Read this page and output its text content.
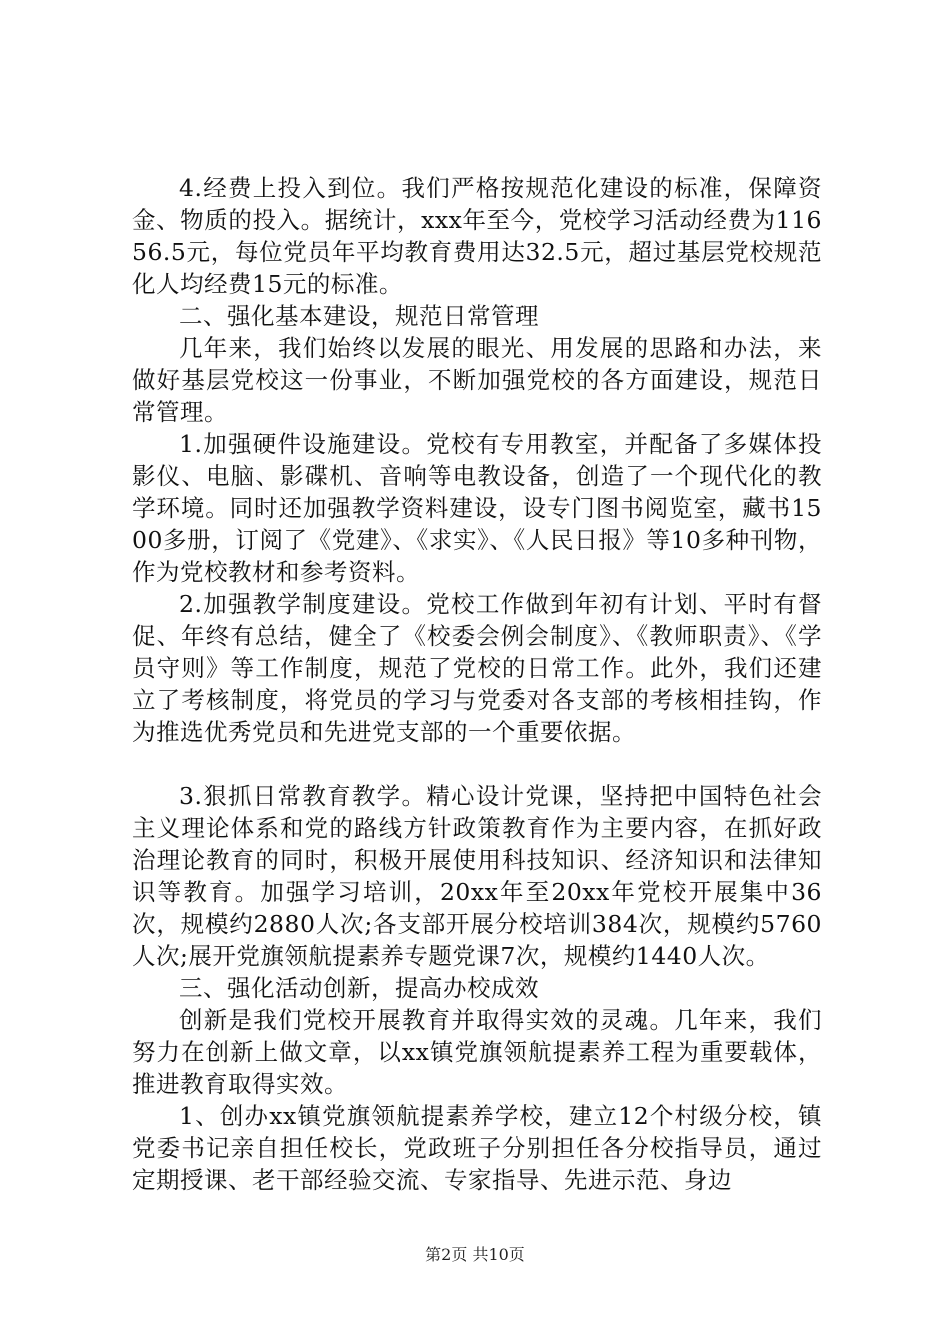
4.经费上投入到位。我们严格按规范化建设的标准，保障资金、物质的投入。据统计，xxx年至今，党校学习活动经费为11656.5元，每位党员年平均教育费用达32.5元，超过基层党校规范化人均经费15元的标准。

二、强化基本建设，规范日常管理

几年来，我们始终以发展的眼光、用发展的思路和办法，来做好基层党校这一份事业，不断加强党校的各方面建设，规范日常管理。

1.加强硬件设施建设。党校有专用教室，并配备了多媒体投影仪、电脑、影碟机、音响等电教设备，创造了一个现代化的教学环境。同时还加强教学资料建设，设专门图书阅览室，藏书1500多册，订阅了《党建》、《求实》、《人民日报》等10多种刊物，作为党校教材和参考资料。

2.加强教学制度建设。党校工作做到年初有计划、平时有督促、年终有总结，健全了《校委会例会制度》、《教师职责》、《学员守则》等工作制度，规范了党校的日常工作。此外，我们还建立了考核制度，将党员的学习与党委对各支部的考核相挂钩，作为推选优秀党员和先进党支部的一个重要依据。

3.狠抓日常教育教学。精心设计党课，坚持把中国特色社会主义理论体系和党的路线方针政策教育作为主要内容，在抓好政治理论教育的同时，积极开展使用科技知识、经济知识和法律知识等教育。加强学习培训，20xx年至20xx年党校开展集中36次，规模约2880人次;各支部开展分校培训384次，规模约5760人次;展开党旗领航提素养专题党课7次，规模约1440人次。

三、强化活动创新，提高办校成效

创新是我们党校开展教育并取得实效的灵魂。几年来，我们努力在创新上做文章，以xx镇党旗领航提素养工程为重要载体，推进教育取得实效。

1、创办xx镇党旗领航提素养学校，建立12个村级分校，镇党委书记亲自担任校长，党政班子分别担任各分校指导员，通过定期授课、老干部经验交流、专家指导、先进示范、身边

第2页 共10页
